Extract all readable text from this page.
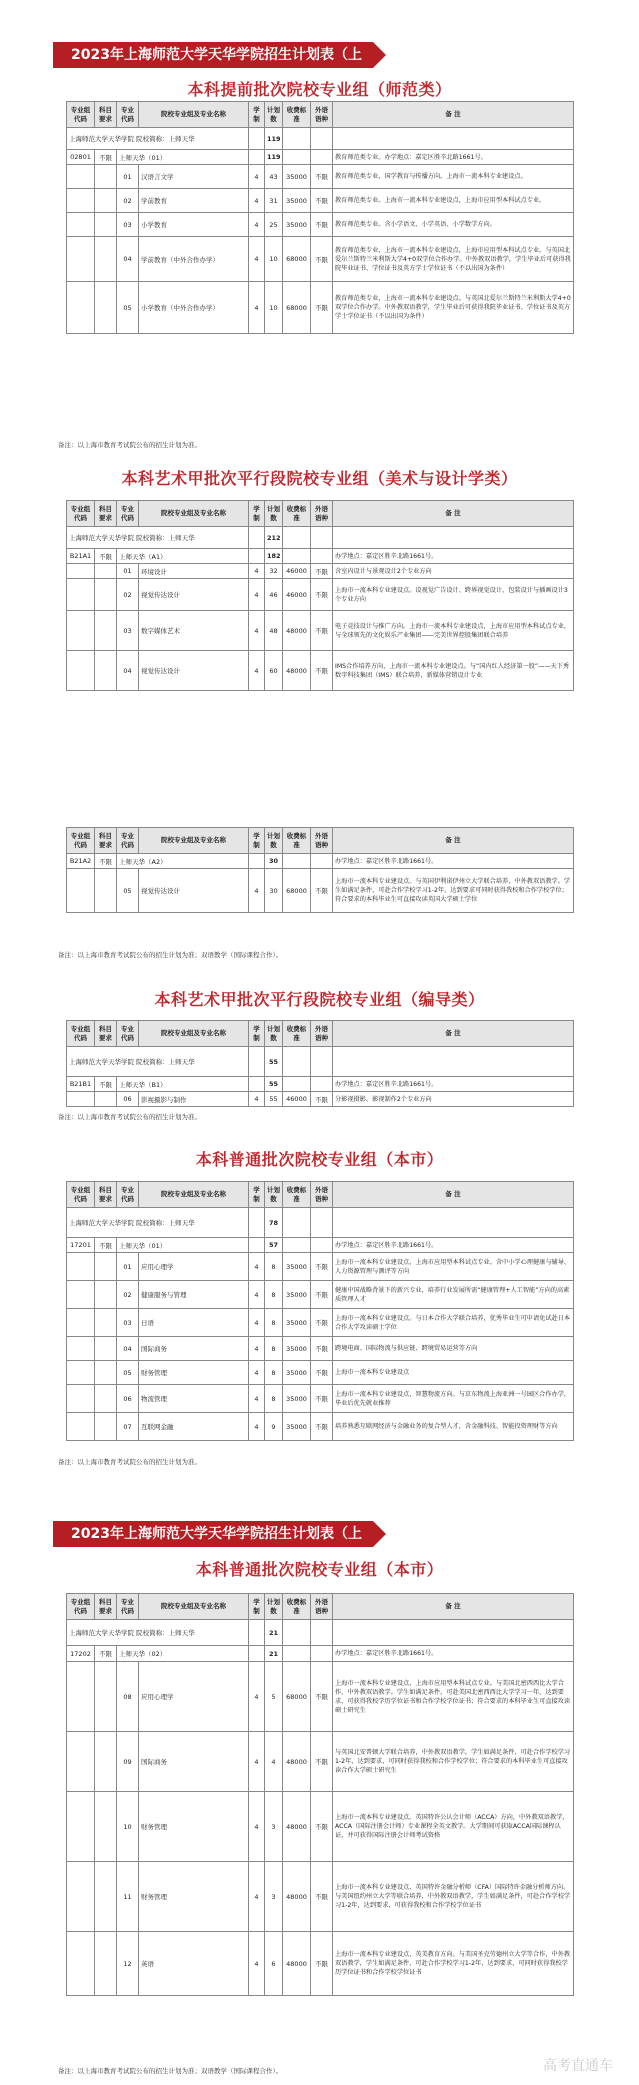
2023年上海师范大学天华学院招生计划表（上海生源）	本科提前批次院校专业组（师范类）
专业组代码	科目要求	专业代码	院校专业组及专业名称	学制	计划数	收费标准	外语语种	备 注
上海师范大学天华学院 院校简称：上师天华					119			
02801	不限	上师天华（01）			119			教育师范类专业。办学地点：嘉定区胜辛北路1661号。
		01	汉语言文学	4	43	35000	不限	教育师范类专业，国学教育与传播方向。上海市一流本科专业建设点。
		02	学前教育	4	31	35000	不限	教育师范类专业。上海市一流本科专业建设点，上海市应用型本科试点专业。
		03	小学教育	4	25	35000	不限	教育师范类专业。含小学语文、小学英语、小学数学方向。
		04	学前教育（中外合作办学）	4	10	68000	不限	教育师范类专业，上海市一流本科专业建设点，上海市应用型本科试点专业。与英国北爱尔兰斯特兰米利斯大学4+0双学位合作办学。中外教双语教学，学生毕业后可获得我院毕业证书、学位证书及英方学士学位证书（不以出国为条件）
		05	小学教育（中外合作办学）	4	10	68000	不限	教育师范类专业，上海市一流本科专业建设点。与英国北爱尔兰斯特兰米利斯大学4+0双学位合作办学。中外教双语教学，学生毕业后可获得我院毕业证书、学位证书及英方学士学位证书（不以出国为条件）
备注：以上海市教育考试院公布的招生计划为准。
本科艺术甲批次平行段院校专业组（美术与设计学类）
专业组代码	科目要求	专业代码	院校专业组及专业名称	学制	计划数	收费标准	外语语种	备 注
上海师范大学天华学院 院校简称：上师天华					212			
B21A1	不限	上师天华（A1）			182			办学地点：嘉定区胜辛北路1661号。
		01	环境设计	4	32	46000	不限	含室内设计与景观设计2个专业方向
		02	视觉传达设计	4	46	46000	不限	上海市一流本科专业建设点。设视觉广告设计、跨界视觉设计、包装设计与插画设计3个专业方向
		03	数字媒体艺术	4	48	48000	不限	电子竞技设计与推广方向。上海市一流本科专业建设点，上海市应用型本科试点专业，与全球领先的文化娱乐产业集团——完美世界控股集团联合培养
		04	视觉传达设计	4	60	48000	不限	IMS合作培养方向，上海市一流本科专业建设点。与“国内红人经济第一股”——天下秀数字科技集团（IMS）联合培养，新媒体营销设计专业
专业组代码	科目要求	专业代码	院校专业组及专业名称	学制	计划数	收费标准	外语语种	备 注
B21A2	不限	上师天华（A2）			30			办学地点：嘉定区胜辛北路1661号。
		05	视觉传达设计	4	30	68000	不限	上海市一流本科专业建设点。与英国伊利诺伊州立大学联合培养，中外教双语教学。学生如满足条件，可赴合作学校学习1-2年，达到要求可同时获得我校和合作学校学位；符合要求的本科毕业生可直接攻读英国大学硕士学位
备注：以上海市教育考试院公布的招生计划为准；双语教学（国际课程合作）。
本科艺术甲批次平行段院校专业组（编导类）
专业组代码	科目要求	专业代码	院校专业组及专业名称	学制	计划数	收费标准	外语语种	备 注
上海师范大学天华学院 院校简称：上师天华					55			
B21B1	不限	上师天华（B1）			55			办学地点：嘉定区胜辛北路1661号。
		06	影视摄影与制作	4	55	46000	不限	分影视摄影、影视制作2个专业方向
备注：以上海市教育考试院公布的招生计划为准。
本科普通批次院校专业组（本市）
专业组代码	科目要求	专业代码	院校专业组及专业名称	学制	计划数	收费标准	外语语种	备 注
上海师范大学天华学院 院校简称：上师天华					78			
17201	不限	上师天华（01）			57			办学地点：嘉定区胜辛北路1661号。
		01	应用心理学	4	8	35000	不限	上海市一流本科专业建设点，上海市应用型本科试点专业。含中小学心理健康与辅导、人力资源管理与测评等方向
		02	健康服务与管理	4	8	35000	不限	健康中国战略背景下的新兴专业，培养行业发展所需“健康管理+人工智能”方向的高素质管理人才
		03	日语	4	8	35000	不限	上海市一流本科专业建设点。与日本合作大学联合培养，优秀毕业生可申请免试赴日本合作大学攻读硕士学位
		04	国际商务	4	8	35000	不限	跨境电商、国际物流与供应链、跨境贸易运营等方向
		05	财务管理	4	8	35000	不限	上海市一流本科专业建设点
		06	物流管理	4	8	35000	不限	上海市一流本科专业建设点，智慧物流方向。与京东物流上海亚洲一号园区合作办学，毕业后优先就业推荐
		07	互联网金融	4	9	35000	不限	培养熟悉互联网经济与金融业务的复合型人才，含金融科技、智能投资理财等方向
备注：以上海市教育考试院公布的招生计划为准。
2023年上海师范大学天华学院招生计划表（上海生源）	本科普通批次院校专业组（本市）
专业组代码	科目要求	专业代码	院校专业组及专业名称	学制	计划数	收费标准	外语语种	备 注
上海师范大学天华学院 院校简称：上师天华					21			
17202	不限	上师天华（02）			21			办学地点：嘉定区胜辛北路1661号。
		08	应用心理学	4	5	68000	不限	上海市一流本科专业建设点，上海市应用型本科试点专业。与美国北密西西比大学合作，中外教双语教学。学生如满足条件，可赴美国北密西西比大学学习一年，达到要求，可获得我校学历学位证书和合作学校学位证书；符合要求的本科毕业生可直接攻读硕士研究生
		09	国际商务	4	4	48000	不限	与英国北安普顿大学联合培养，中外教双语教学。学生如满足条件，可赴合作学校学习1-2年，达到要求，可同时获得我校和合作学校学位；符合要求的本科毕业生可直接攻读合作大学硕士研究生
		10	财务管理	4	3	48000	不限	上海市一流本科专业建设点。英国特许公认会计师（ACCA）方向，中外教双语教学，ACCA（国际注册会计师）专业课程全英文教学。大学期间可获取ACCA国际课程认证，并可获得国际注册会计师考试资格
		11	财务管理	4	3	48000	不限	上海市一流本科专业建设点，英国特许金融分析师（CFA）国际特许金融分析师方向。与美国纽约州立大学等联合培养，中外教双语教学，学生如满足条件，可赴合作学校学习1-2年，达到要求，可获得我校和合作学校学位证书
		12	英语	4	6	48000	不限	上海市一流本科专业建设点，英美教育方向。与美国圣克劳德州立大学等合作，中外教双语教学，学生如满足条件，可赴合作学校学习1-2年，达到要求，可同时获得我校学历学位证书和合作学校学位证书
备注：以上海市教育考试院公布的招生计划为准；双语教学（国际课程合作）。	高考直通车
